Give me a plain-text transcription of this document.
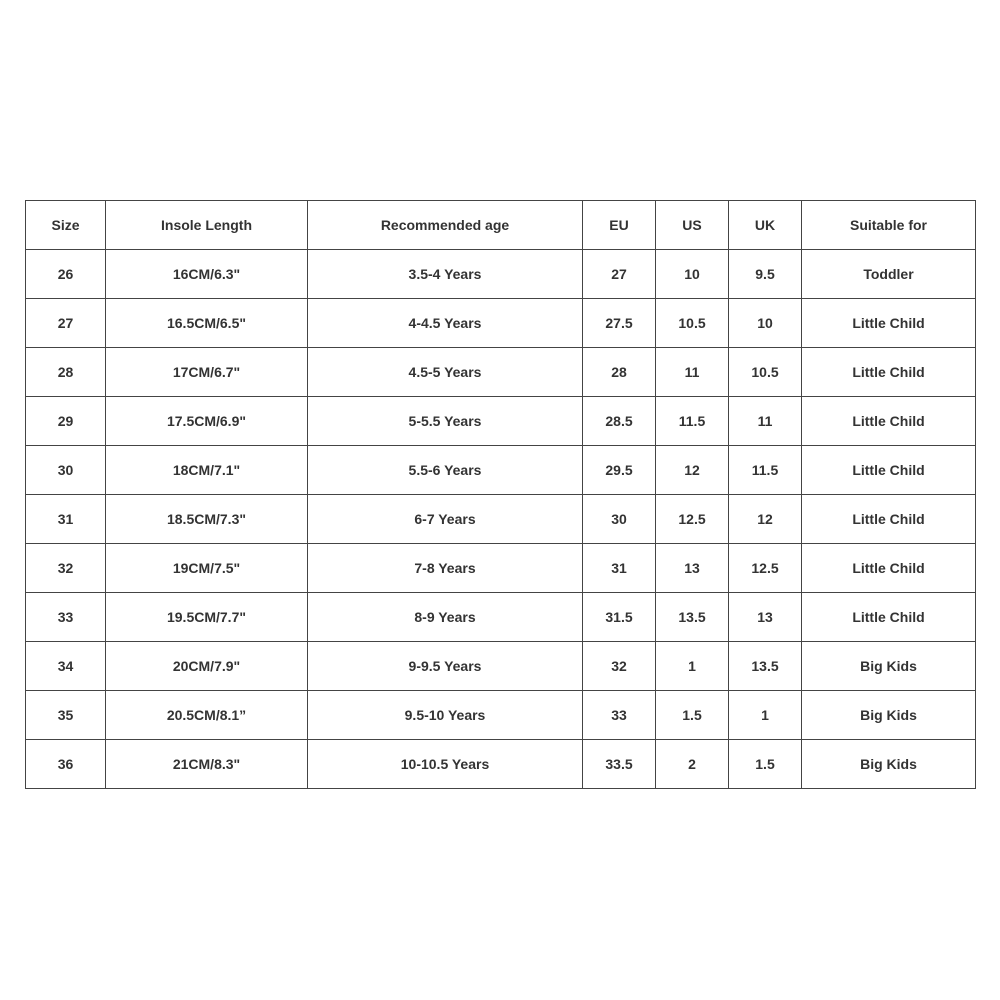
Size	Insole Length	Recommended age	EU	US	UK	Suitable for
26	16CM/6.3"	3.5-4 Years	27	10	9.5	Toddler
27	16.5CM/6.5"	4-4.5 Years	27.5	10.5	10	Little Child
28	17CM/6.7"	4.5-5 Years	28	11	10.5	Little Child
29	17.5CM/6.9"	5-5.5 Years	28.5	11.5	11	Little Child
30	18CM/7.1"	5.5-6 Years	29.5	12	11.5	Little Child
31	18.5CM/7.3"	6-7 Years	30	12.5	12	Little Child
32	19CM/7.5"	7-8 Years	31	13	12.5	Little Child
33	19.5CM/7.7"	8-9 Years	31.5	13.5	13	Little Child
34	20CM/7.9"	9-9.5 Years	32	1	13.5	Big Kids
35	20.5CM/8.1”	9.5-10 Years	33	1.5	1	Big Kids
36	21CM/8.3"	10-10.5 Years	33.5	2	1.5	Big Kids
